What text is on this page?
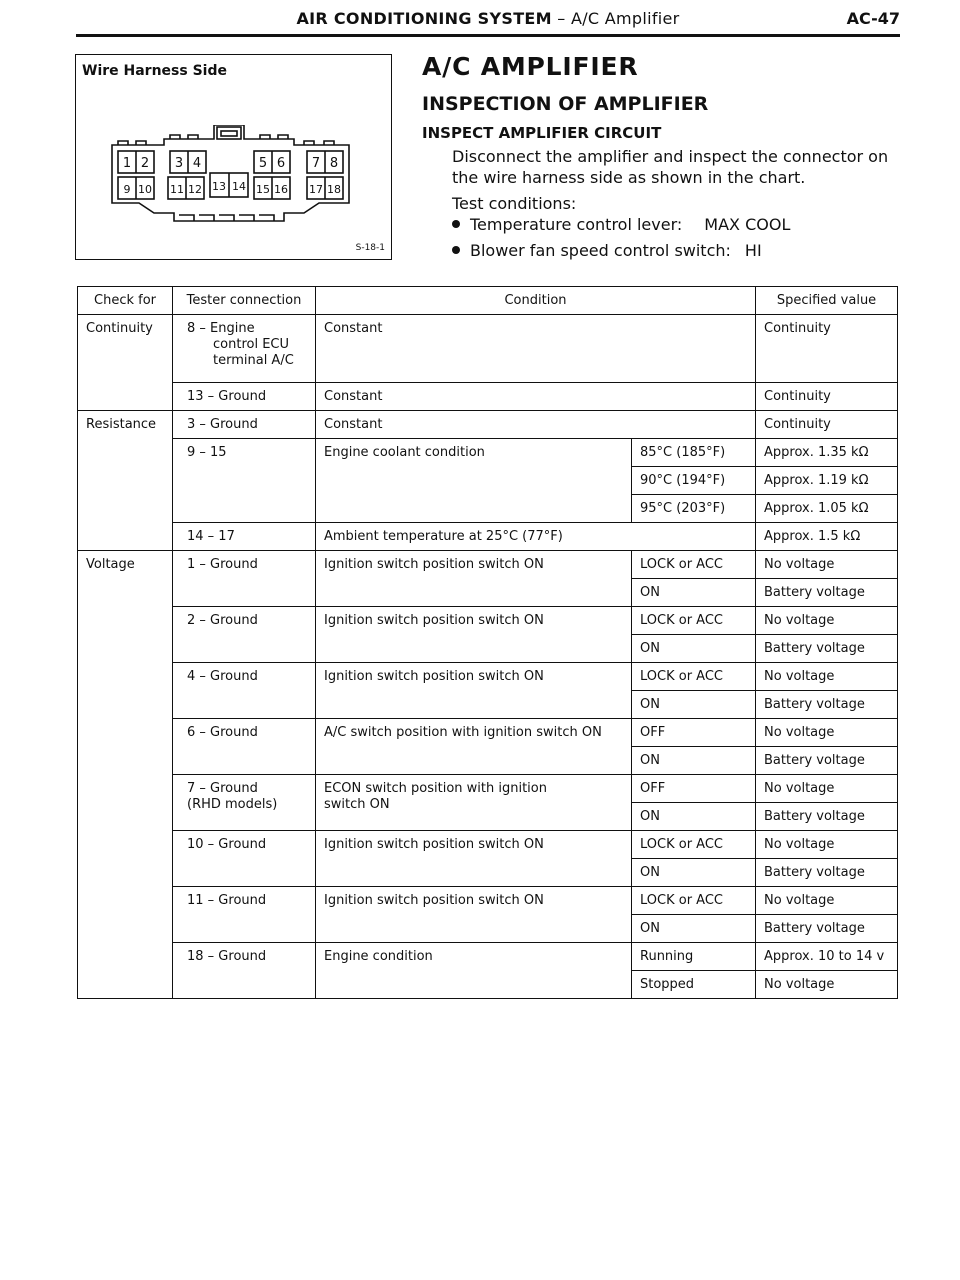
AIR CONDITIONING SYSTEM – A/C Amplifier	AC-47
Wire Harness Side
1 2 3 4	5 6 7 8
9 10 11 12 13 14 15 16 17 18
S-18-1
A/C AMPLIFIER
INSPECTION OF AMPLIFIER
INSPECT AMPLIFIER CIRCUIT

Disconnect the amplifier and inspect the connector on the wire harness side as shown in the chart.

Test conditions:

Temperature control lever: MAX COOL
Blower fan speed control switch: HI
Check for	Tester connection	Condition		Specified value
Continuity	8 – Engine
control ECU
terminal A/C	Constant		Continuity
	13 – Ground	Constant		Continuity
Resistance	3 – Ground	Constant		Continuity
	9 – 15	Engine coolant condition	85°C (185°F)	Approx. 1.35 kΩ
			90°C (194°F)	Approx. 1.19 kΩ
			95°C (203°F)	Approx. 1.05 kΩ
	14 – 17	Ambient temperature at 25°C (77°F)		Approx. 1.5 kΩ
Voltage	1 – Ground	Ignition switch position switch ON	LOCK or ACC	No voltage
			ON	Battery voltage
	2 – Ground	Ignition switch position switch ON	LOCK or ACC	No voltage
			ON	Battery voltage
	4 – Ground	Ignition switch position switch ON	LOCK or ACC	No voltage
			ON	Battery voltage
	6 – Ground	A/C switch position with ignition switch ON	OFF	No voltage
			ON	Battery voltage
	7 – Ground
(RHD models)	ECON switch position with ignition
switch ON	OFF	No voltage
			ON	Battery voltage
	10 – Ground	Ignition switch position switch ON	LOCK or ACC	No voltage
			ON	Battery voltage
	11 – Ground	Ignition switch position switch ON	LOCK or ACC	No voltage
			ON	Battery voltage
	18 – Ground	Engine condition	Running	Approx. 10 to 14 v
			Stopped	No voltage
